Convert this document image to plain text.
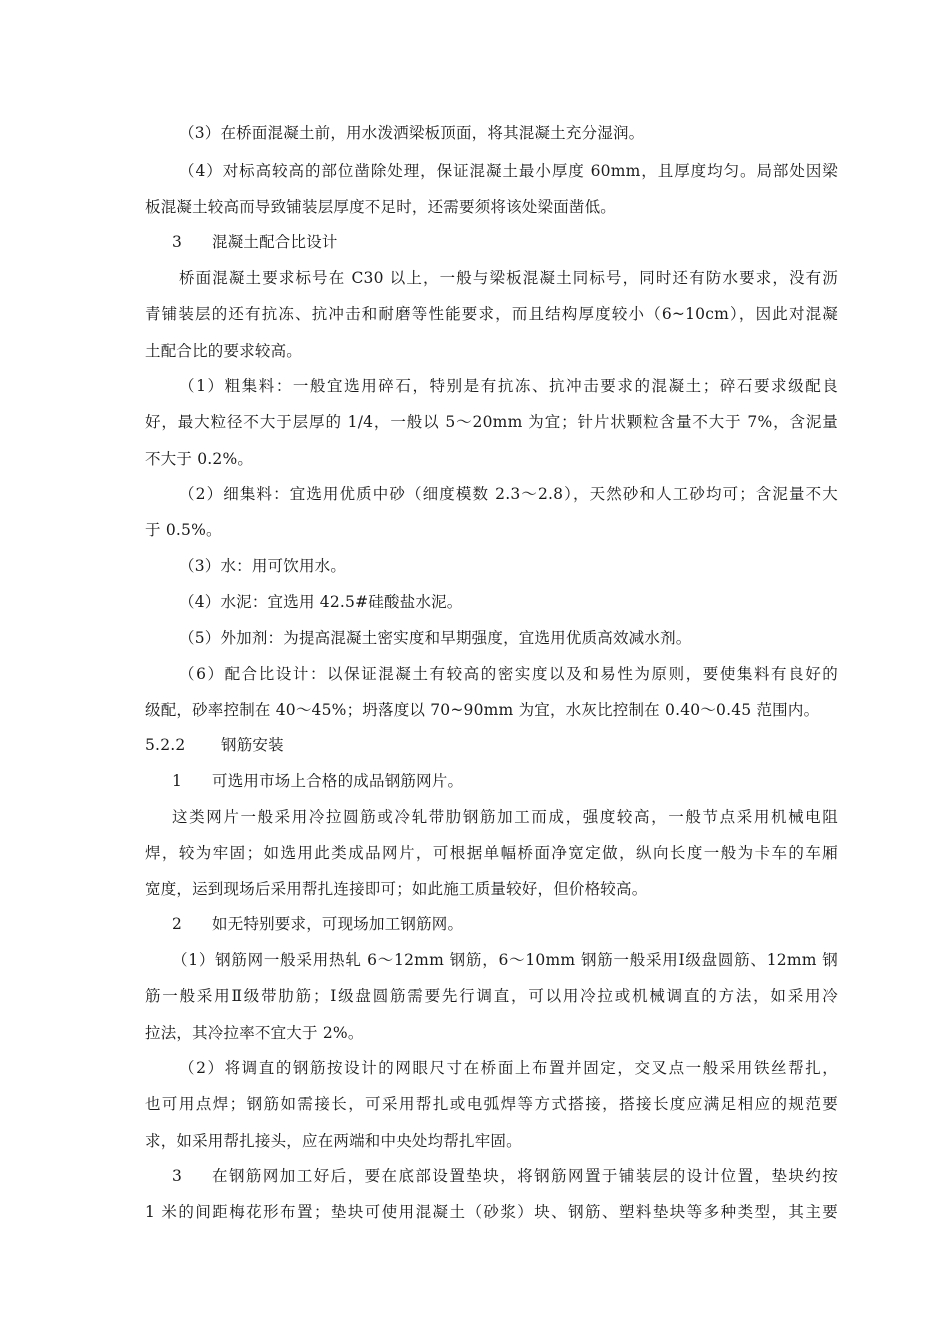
（3）在桥面混凝土前，用水泼洒梁板顶面，将其混凝土充分湿润。
（4）对标高较高的部位凿除处理，保证混凝土最小厚度 60mm，且厚度均匀。局部处因梁
板混凝土较高而导致铺装层厚度不足时，还需要须将该处梁面凿低。
3 混凝土配合比设计
桥面混凝土要求标号在 C30 以上，一般与梁板混凝土同标号，同时还有防水要求，没有沥
青铺装层的还有抗冻、抗冲击和耐磨等性能要求，而且结构厚度较小（6~10cm），因此对混凝
土配合比的要求较高。
（1）粗集料：一般宜选用碎石，特别是有抗冻、抗冲击要求的混凝土；碎石要求级配良
好，最大粒径不大于层厚的 1/4，一般以 5～20mm 为宜；针片状颗粒含量不大于 7%，含泥量
不大于 0.2%。
（2）细集料：宜选用优质中砂（细度模数 2.3～2.8），天然砂和人工砂均可；含泥量不大
于 0.5%。
（3）水：用可饮用水。
（4）水泥：宜选用 42.5#硅酸盐水泥。
（5）外加剂：为提高混凝土密实度和早期强度，宜选用优质高效减水剂。
（6）配合比设计：以保证混凝土有较高的密实度以及和易性为原则，要使集料有良好的
级配，砂率控制在 40～45%；坍落度以 70~90mm 为宜，水灰比控制在 0.40～0.45 范围内。
5.2.2 钢筋安装
1 可选用市场上合格的成品钢筋网片。
这类网片一般采用冷拉圆筋或冷轧带肋钢筋加工而成，强度较高，一般节点采用机械电阻
焊，较为牢固；如选用此类成品网片，可根据单幅桥面净宽定做，纵向长度一般为卡车的车厢
宽度，运到现场后采用帮扎连接即可；如此施工质量较好，但价格较高。
2 如无特别要求，可现场加工钢筋网。
（1）钢筋网一般采用热轧 6～12mm 钢筋，6～10mm 钢筋一般采用Ⅰ级盘圆筋、12mm 钢
筋一般采用Ⅱ级带肋筋；Ⅰ级盘圆筋需要先行调直，可以用冷拉或机械调直的方法，如采用冷
拉法，其冷拉率不宜大于 2%。
（2）将调直的钢筋按设计的网眼尺寸在桥面上布置并固定，交叉点一般采用铁丝帮扎，
也可用点焊；钢筋如需接长，可采用帮扎或电弧焊等方式搭接，搭接长度应满足相应的规范要
求，如采用帮扎接头，应在两端和中央处均帮扎牢固。
3 在钢筋网加工好后，要在底部设置垫块，将钢筋网置于铺装层的设计位置，垫块约按
1 米的间距梅花形布置；垫块可使用混凝土（砂浆）块、钢筋、塑料垫块等多种类型，其主要
